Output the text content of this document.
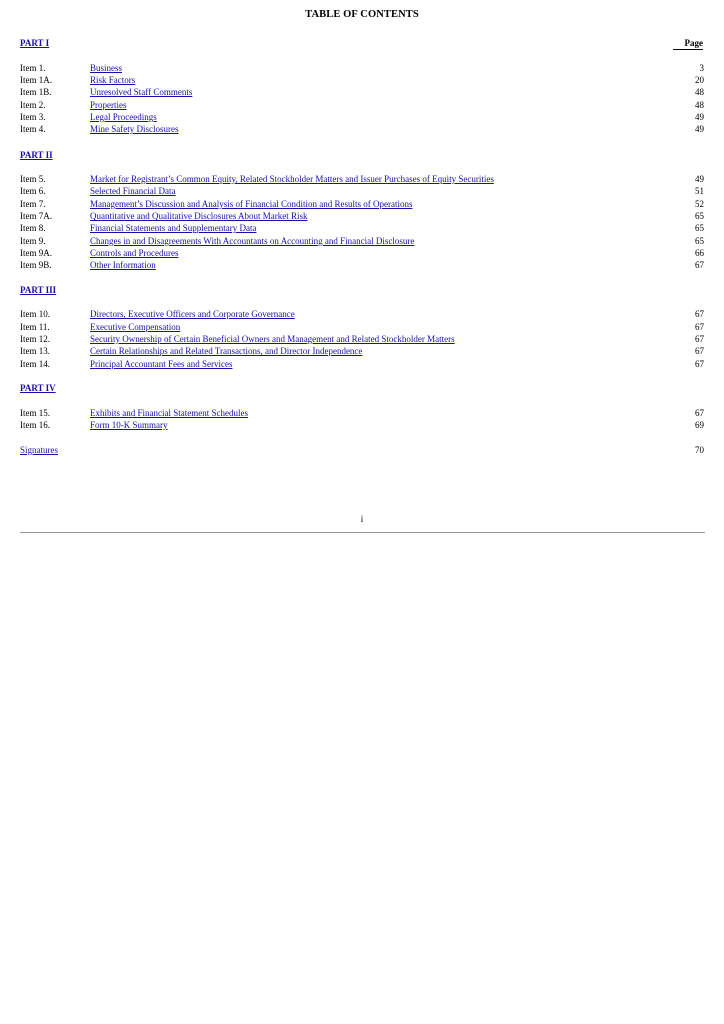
TABLE OF CONTENTS
Page
PART I
Item 1.	Business	3
Item 1A.	Risk Factors	20
Item 1B.	Unresolved Staff Comments	48
Item 2.	Properties	48
Item 3.	Legal Proceedings	49
Item 4.	Mine Safety Disclosures	49
PART II
Item 5.	Market for Registrant’s Common Equity, Related Stockholder Matters and Issuer Purchases of Equity Securities	49
Item 6.	Selected Financial Data	51
Item 7.	Management’s Discussion and Analysis of Financial Condition and Results of Operations	52
Item 7A.	Quantitative and Qualitative Disclosures About Market Risk	65
Item 8.	Financial Statements and Supplementary Data	65
Item 9.	Changes in and Disagreements With Accountants on Accounting and Financial Disclosure	65
Item 9A.	Controls and Procedures	66
Item 9B.	Other Information	67
PART III
Item 10.	Directors, Executive Officers and Corporate Governance	67
Item 11.	Executive Compensation	67
Item 12.	Security Ownership of Certain Beneficial Owners and Management and Related Stockholder Matters	67
Item 13.	Certain Relationships and Related Transactions, and Director Independence	67
Item 14.	Principal Accountant Fees and Services	67
PART IV
Item 15.	Exhibits and Financial Statement Schedules	67
Item 16.	Form 10-K Summary	69
Signatures	70
i
